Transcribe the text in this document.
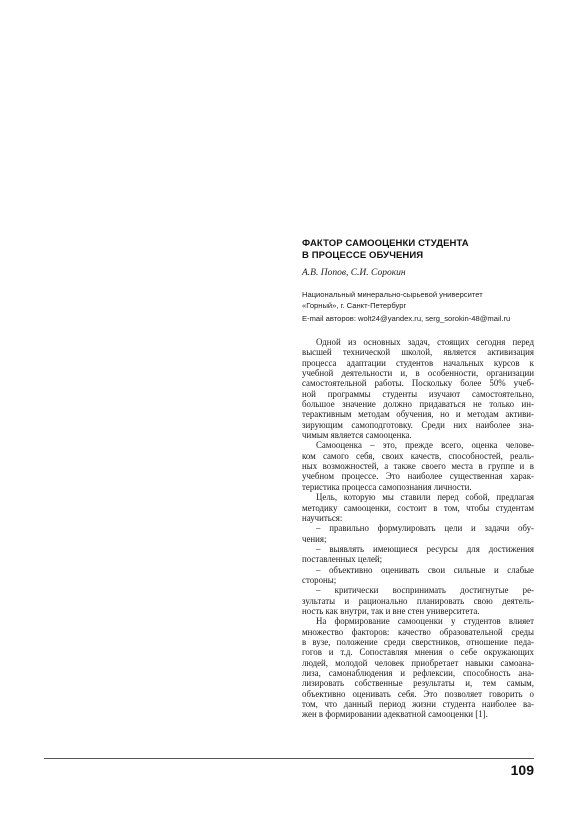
ФАКТОР САМООЦЕНКИ СТУДЕНТА
В ПРОЦЕССЕ ОБУЧЕНИЯ
А.В. Попов, С.И. Сорокин
Национальный минерально-сырьевой университет
«Горный», г. Санкт-Петербург
E-mail авторов: wolt24@yandex.ru, serg_sorokin-48@mail.ru
Одной из основных задач, стоящих сегодня перед
высшей технической школой, является активизация
процесса адаптации студентов начальных курсов к
учебной деятельности и, в особенности, организации
самостоятельной работы. Поскольку более 50% учеб-
ной программы студенты изучают самостоятельно,
большое значение должно придаваться не только ин-
терактивным методам обучения, но и методам активи-
зирующим самоподготовку. Среди них наиболее зна-
чимым является самооценка.
Самооценка – это, прежде всего, оценка челове-
ком самого себя, своих качеств, способностей, реаль-
ных возможностей, а также своего места в группе и в
учебном процессе. Это наиболее существенная харак-
теристика процесса самопознания личности.
Цель, которую мы ставили перед собой, предлагая
методику самооценки, состоит в том, чтобы студентам
научиться:
– правильно формулировать цели и задачи обу-
чения;
– выявлять имеющиеся ресурсы для достижения
поставленных целей;
– объективно оценивать свои сильные и слабые
стороны;
– критически воспринимать достигнутые ре-
зультаты и рационально планировать свою деятель-
ность как внутри, так и вне стен университета.
На формирование самооценки у студентов влияет
множество факторов: качество образовательной среды
в вузе, положение среди сверстников, отношение педа-
гогов и т.д. Сопоставляя мнения о себе окружающих
людей, молодой человек приобретает навыки самоана-
лиза, самонаблюдения и рефлексии, способность ана-
лизировать собственные результаты и, тем самым,
объективно оценивать себя. Это позволяет говорить о
том, что данный период жизни студента наиболее ва-
жен в формировании адекватной самооценки [1].
109
